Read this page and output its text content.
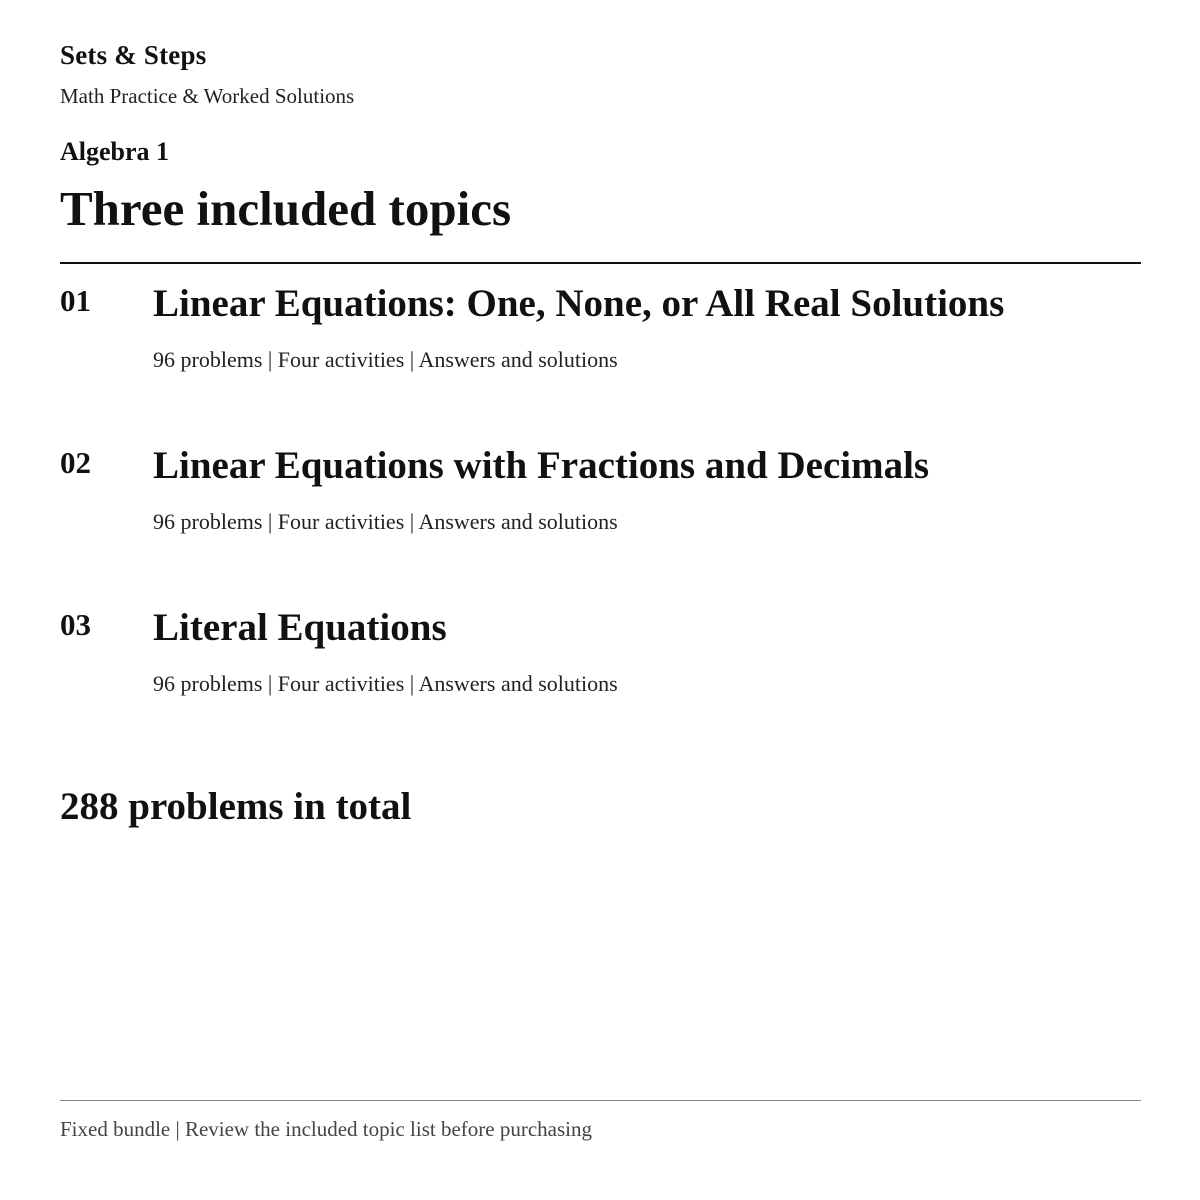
Sets & Steps
Math Practice & Worked Solutions
Algebra 1
Three included topics
01 Linear Equations: One, None, or All Real Solutions
96 problems | Four activities | Answers and solutions
02 Linear Equations with Fractions and Decimals
96 problems | Four activities | Answers and solutions
03 Literal Equations
96 problems | Four activities | Answers and solutions
288 problems in total
Fixed bundle | Review the included topic list before purchasing
